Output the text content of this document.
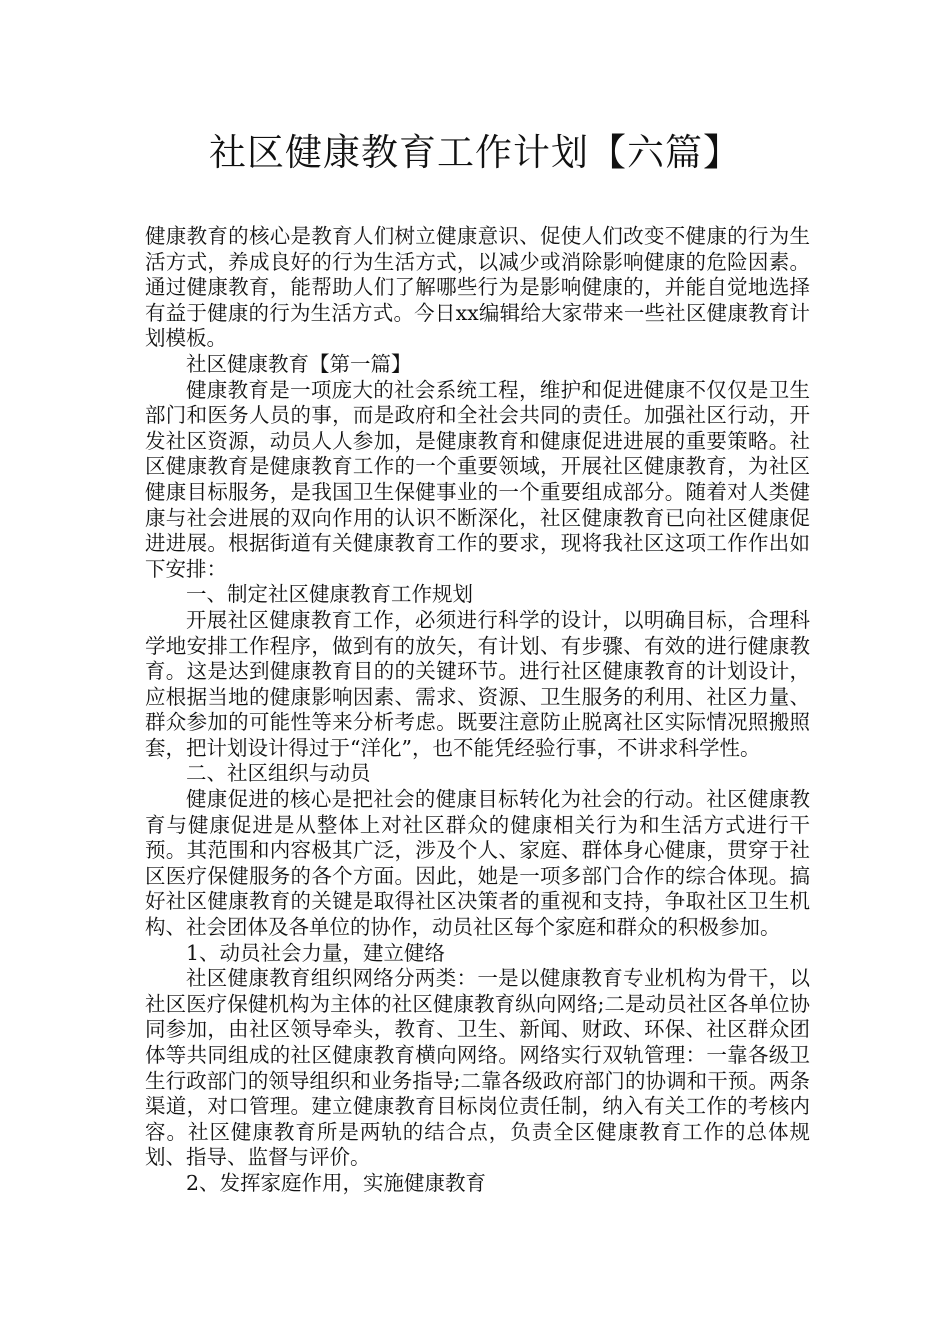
社区健康教育工作计划【六篇】

健康教育的核心是教育人们树立健康意识、促使人们改变不健康的行为生活方式，养成良好的行为生活方式，以减少或消除影响健康的危险因素。通过健康教育，能帮助人们了解哪些行为是影响健康的，并能自觉地选择有益于健康的行为生活方式。今日xx编辑给大家带来一些社区健康教育计划模板。

社区健康教育【第一篇】

健康教育是一项庞大的社会系统工程，维护和促进健康不仅仅是卫生部门和医务人员的事，而是政府和全社会共同的责任。加强社区行动，开发社区资源，动员人人参加，是健康教育和健康促进进展的重要策略。社区健康教育是健康教育工作的一个重要领域，开展社区健康教育，为社区健康目标服务，是我国卫生保健事业的一个重要组成部分。随着对人类健康与社会进展的双向作用的认识不断深化，社区健康教育已向社区健康促进进展。根据街道有关健康教育工作的要求，现将我社区这项工作作出如下安排：

一、制定社区健康教育工作规划

开展社区健康教育工作，必须进行科学的设计，以明确目标，合理科学地安排工作程序，做到有的放矢，有计划、有步骤、有效的进行健康教育。这是达到健康教育目的的关键环节。进行社区健康教育的计划设计，应根据当地的健康影响因素、需求、资源、卫生服务的利用、社区力量、群众参加的可能性等来分析考虑。既要注意防止脱离社区实际情况照搬照套，把计划设计得过于“洋化”，也不能凭经验行事，不讲求科学性。

二、社区组织与动员

健康促进的核心是把社会的健康目标转化为社会的行动。社区健康教育与健康促进是从整体上对社区群众的健康相关行为和生活方式进行干预。其范围和内容极其广泛，涉及个人、家庭、群体身心健康，贯穿于社区医疗保健服务的各个方面。因此，她是一项多部门合作的综合体现。搞好社区健康教育的关键是取得社区决策者的重视和支持，争取社区卫生机构、社会团体及各单位的协作，动员社区每个家庭和群众的积极参加。

1、动员社会力量，建立健络

社区健康教育组织网络分两类：一是以健康教育专业机构为骨干，以社区医疗保健机构为主体的社区健康教育纵向网络;二是动员社区各单位协同参加，由社区领导牵头，教育、卫生、新闻、财政、环保、社区群众团体等共同组成的社区健康教育横向网络。网络实行双轨管理：一靠各级卫生行政部门的领导组织和业务指导;二靠各级政府部门的协调和干预。两条渠道，对口管理。建立健康教育目标岗位责任制，纳入有关工作的考核内容。社区健康教育所是两轨的结合点，负责全区健康教育工作的总体规划、指导、监督与评价。

2、发挥家庭作用，实施健康教育
